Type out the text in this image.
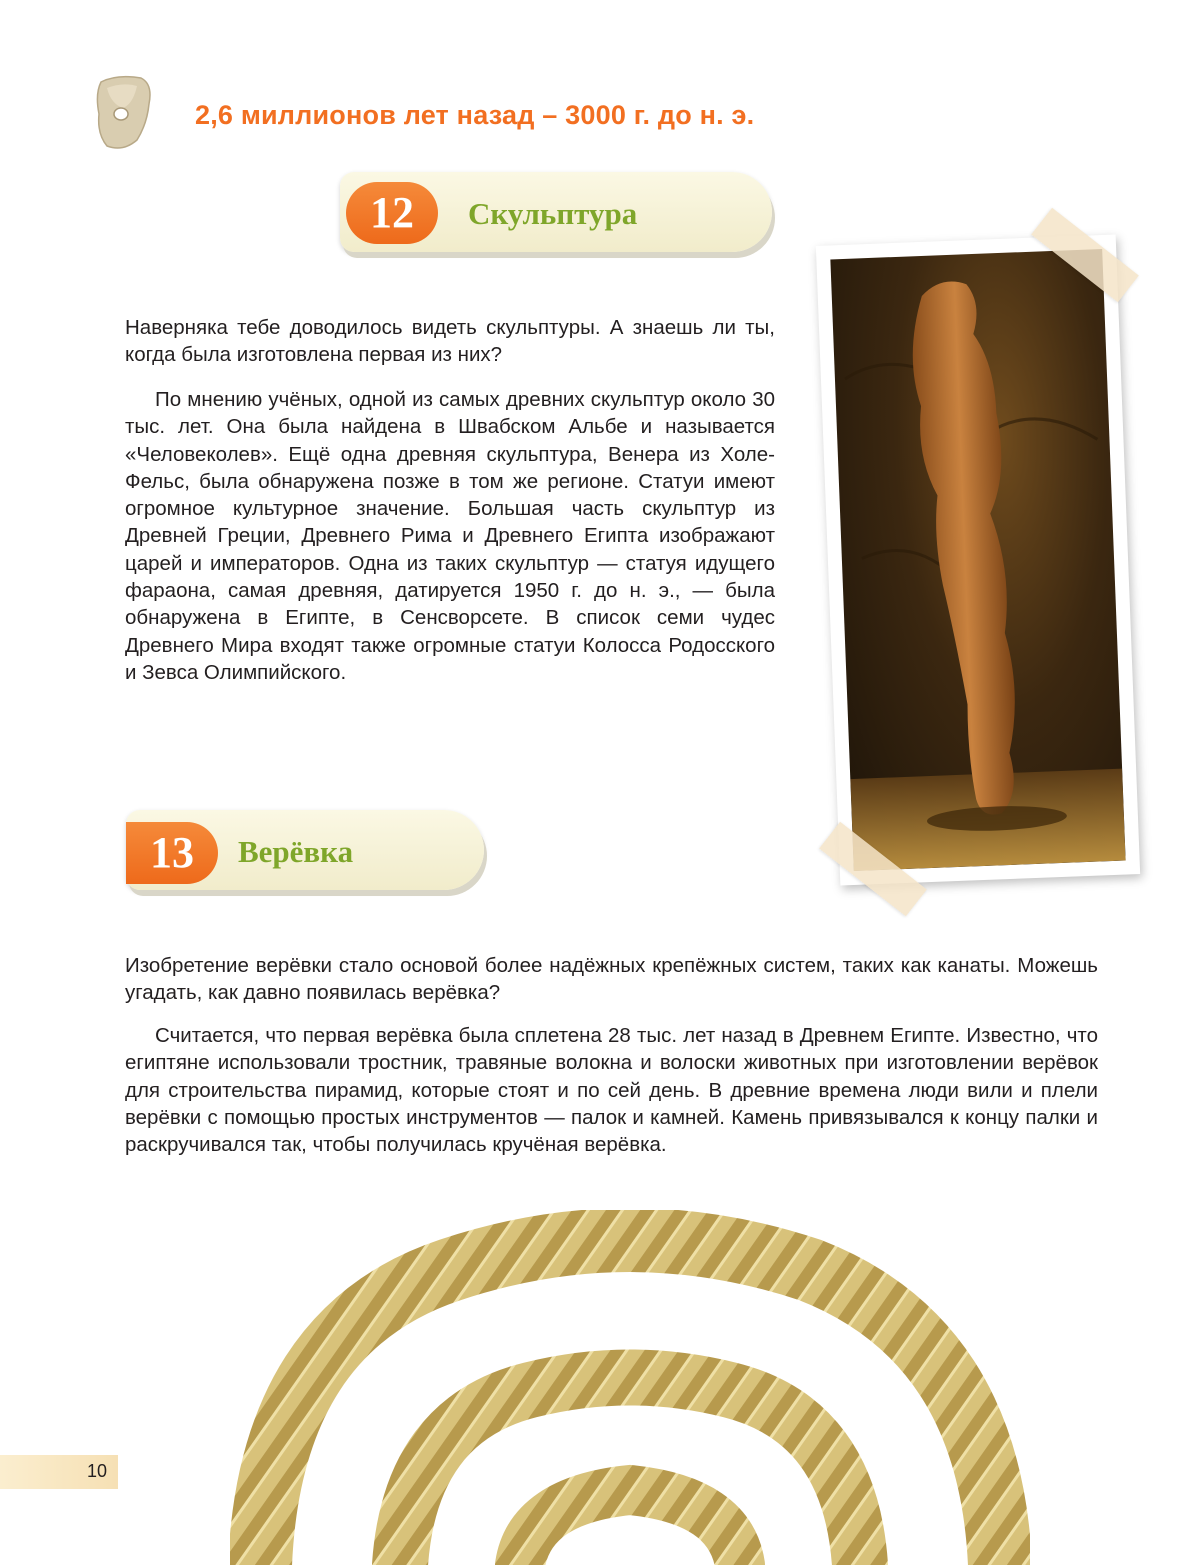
2,6 миллионов лет назад – 3000 г. до н. э.
12	Скульптура
Наверняка тебе доводилось видеть скульптуры. А знаешь ли ты, когда была изготовлена первая из них?
По мнению учёных, одной из самых древних скульптур около 30 тыс. лет. Она была найдена в Швабском Альбе и называется «Человеколев». Ещё одна древняя скульптура, Венера из Холе-Фельс, была обнаружена позже в том же регионе. Статуи имеют огромное культурное значение. Большая часть скульптур из Древней Греции, Древнего Рима и Древнего Египта изображают царей и императоров. Одна из таких скульптур — статуя идущего фараона, самая древняя, датируется 1950 г. до н. э., — была обнаружена в Египте, в Сенсворсете. В список семи чудес Древнего Мира входят также огромные статуи Колосса Родосского и Зевса Олимпийского.
13	Верёвка
Изобретение верёвки стало основой более надёжных крепёжных систем, таких как канаты. Можешь угадать, как давно появилась верёвка?
Считается, что первая верёвка была сплетена 28 тыс. лет назад в Древнем Египте. Известно, что египтяне использовали тростник, травяные волокна и волоски животных при изготовлении верёвок для строительства пирамид, которые стоят и по сей день. В древние времена люди вили и плели верёвки с помощью простых инструментов — палок и камней. Камень привязывался к концу палки и раскручивался так, чтобы получилась кручёная верёвка.
10
